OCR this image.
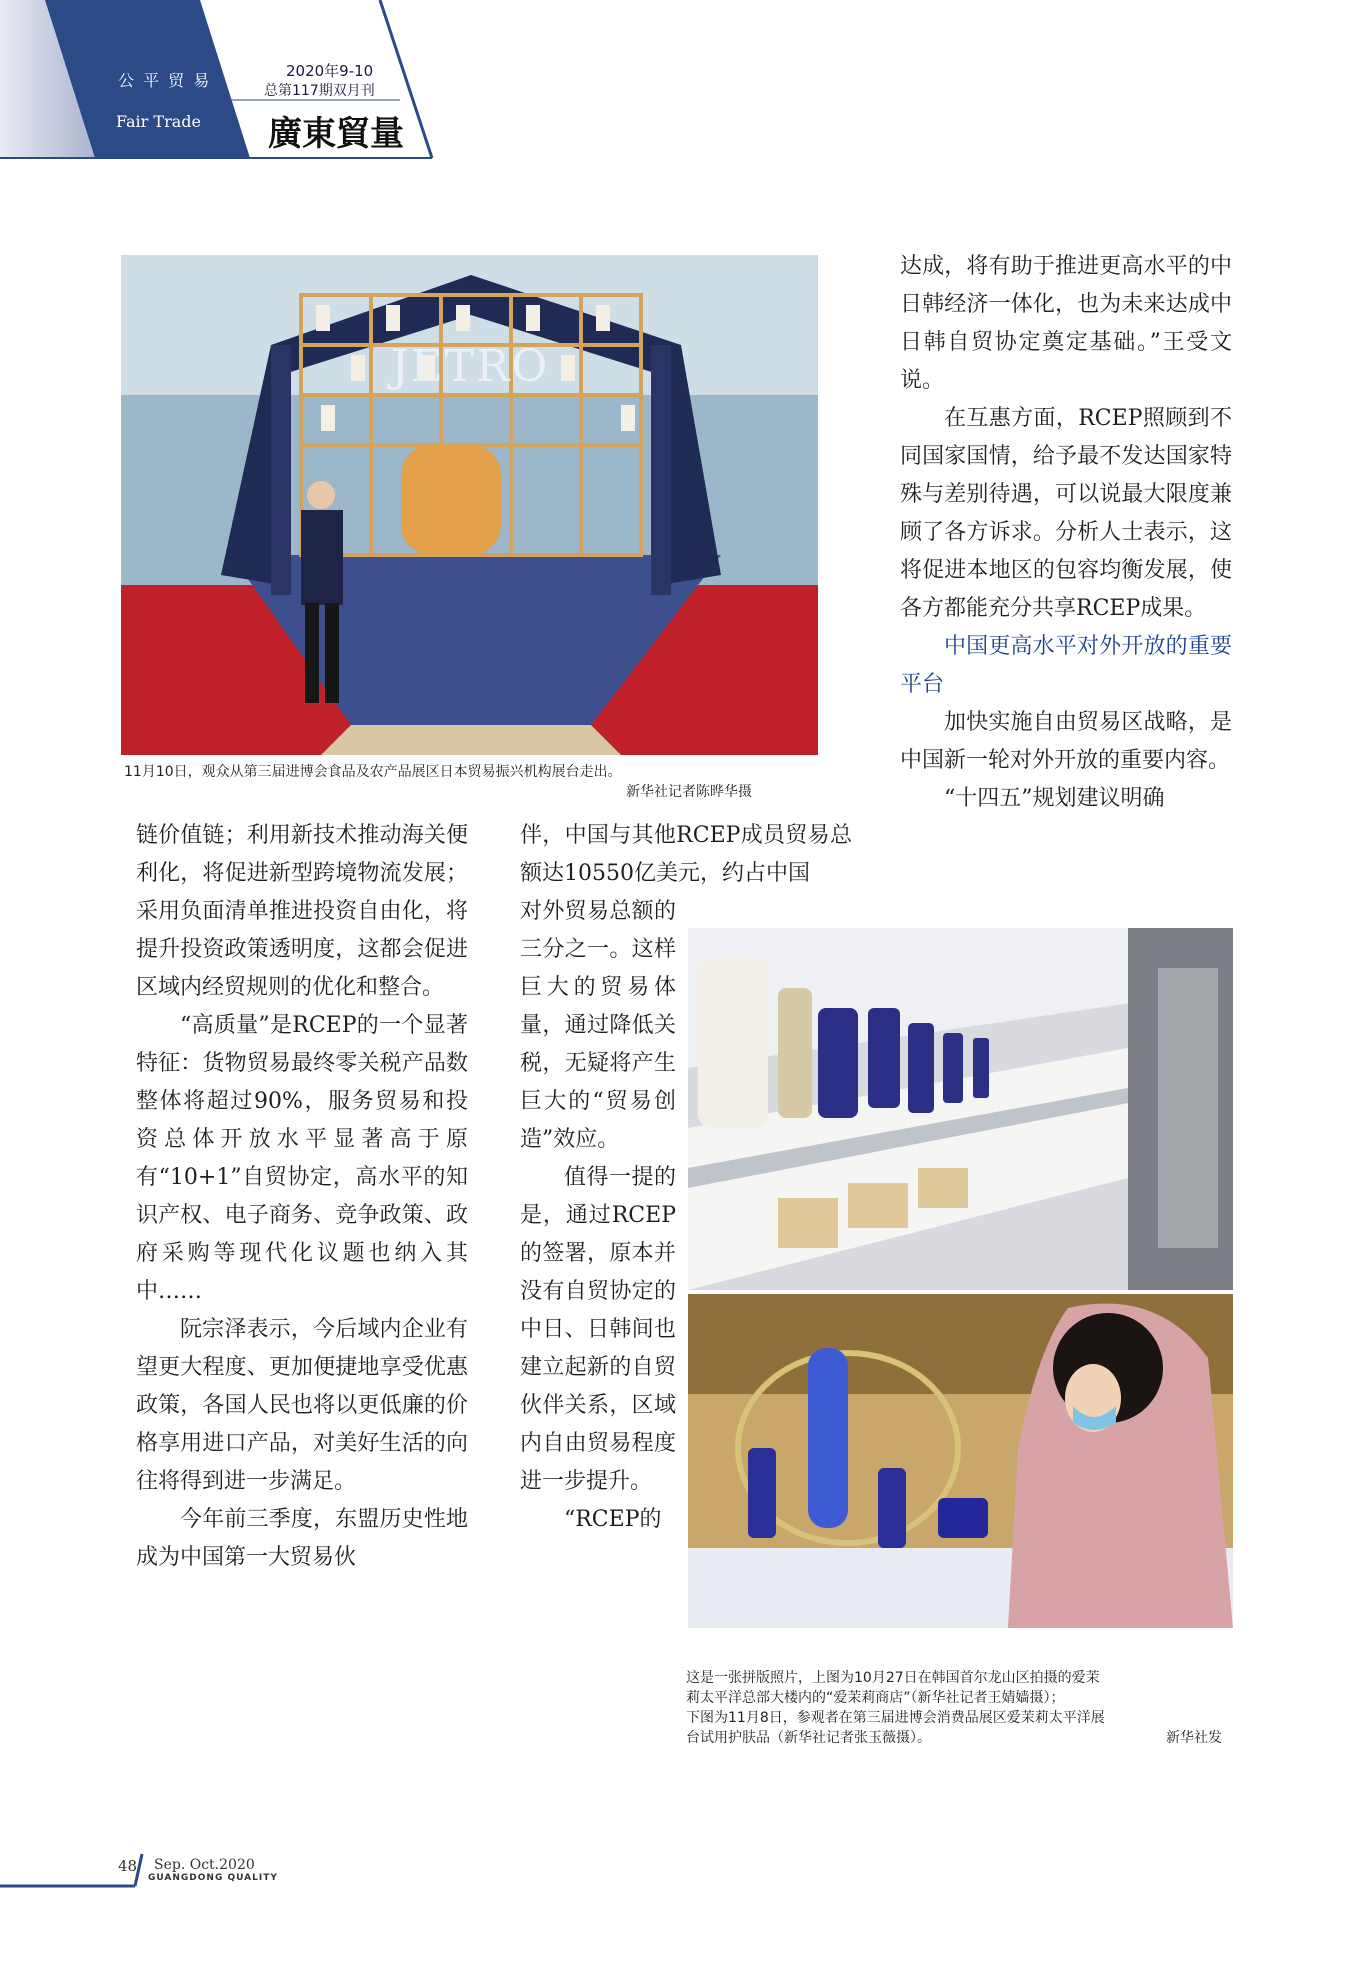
公 平 贸 易
Fair Trade
2020年9-10
总第117期双月刊
廣東貿量
JETRO
11月10日，观众从第三届进博会食品及农产品展区日本贸易振兴机构展台走出。
新华社记者陈晔华摄

达成，将有助于推进更高水平的中日韩经济一体化，也为未来达成中日韩自贸协定奠定基础。”王受文说。

在互惠方面，RCEP照顾到不同国家国情，给予最不发达国家特殊与差别待遇，可以说最大限度兼顾了各方诉求。分析人士表示，这将促进本地区的包容均衡发展，使各方都能充分共享RCEP成果。

中国更高水平对外开放的重要平台

加快实施自由贸易区战略，是中国新一轮对外开放的重要内容。

“十四五”规划建议明确

链价值链；利用新技术推动海关便利化，将促进新型跨境物流发展；采用负面清单推进投资自由化，将提升投资政策透明度，这都会促进区域内经贸规则的优化和整合。

“高质量”是RCEP的一个显著特征：货物贸易最终零关税产品数整体将超过90%，服务贸易和投资总体开放水平显著高于原有“10+1”自贸协定，高水平的知识产权、电子商务、竞争政策、政府采购等现代化议题也纳入其中……

阮宗泽表示，今后域内企业有望更大程度、更加便捷地享受优惠政策，各国人民也将以更低廉的价格享用进口产品，对美好生活的向往将得到进一步满足。

今年前三季度，东盟历史性地成为中国第一大贸易伙

伴，中国与其他RCEP成员贸易总额达10550亿美元，约占中国

对外贸易总额的三分之一。这样巨大的贸易体量，通过降低关税，无疑将产生巨大的“贸易创造”效应。

值得一提的是，通过RCEP的签署，原本并没有自贸协定的中日、日韩间也建立起新的自贸伙伴关系，区域内自由贸易程度进一步提升。

“RCEP的

这是一张拼版照片，上图为10月27日在韩国首尔龙山区拍摄的爱茉
莉太平洋总部大楼内的“爱茉莉商店”（新华社记者王婧嫱摄）；
下图为11月8日，参观者在第三届进博会消费品展区爱茉莉太平洋展
台试用护肤品（新华社记者张玉薇摄）。	新华社发
48 Sep. Oct.2020
GUANGDONG QUALITY
